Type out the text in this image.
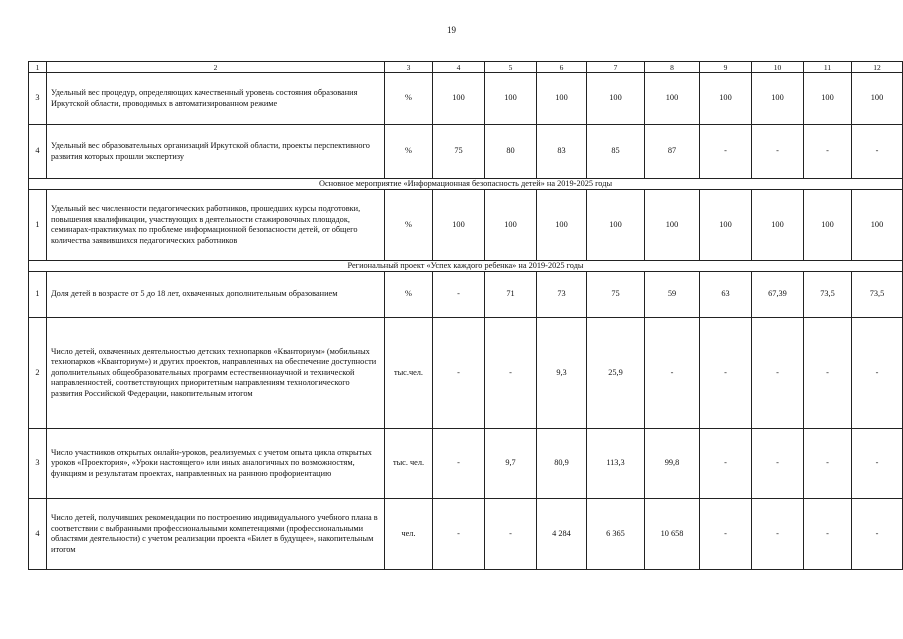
19
1	2	3	4	5	6	7	8	9	10	11	12
3	Удельный вес процедур, определяющих качественный уровень состояния образования Иркутской области, проводимых в автоматизированном режиме	%	100	100	100	100	100	100	100	100	100
4	Удельный вес образовательных организаций Иркутской области, проекты перспективного развития которых прошли экспертизу	%	75	80	83	85	87	-	-	-	-
Основное мероприятие «Информационная безопасность детей» на 2019-2025 годы											
1	Удельный вес численности педагогических работников, прошедших курсы подготовки, повышения квалификации, участвующих в деятельности стажировочных площадок, семинарах-практикумах по проблеме информационной безопасности детей, от общего количества заявившихся педагогических работников	%	100	100	100	100	100	100	100	100	100
Региональный проект «Успех каждого ребенка» на 2019-2025 годы											
1	Доля детей в возрасте от 5 до 18 лет, охваченных дополнительным образованием	%	-	71	73	75	59	63	67,39	73,5	73,5
2	Число детей, охваченных деятельностью детских технопарков «Кванториум» (мобильных технопарков «Кванториум») и других проектов, направленных на обеспечение доступности дополнительных общеобразовательных программ естественнонаучной и технической направленностей, соответствующих приоритетным направлениям технологического развития Российской Федерации, накопительным итогом	тыс.чел.	-	-	9,3	25,9	-	-	-	-	-
3	Число участников открытых онлайн-уроков, реализуемых с учетом опыта цикла открытых уроков «Проектория», «Уроки настоящего» или иных аналогичных по возможностям, функциям и результатам проектах, направленных на раннюю профориентацию	тыс. чел.	-	9,7	80,9	113,3	99,8	-	-	-	-
4	Число детей, получивших рекомендации по построению индивидуального учебного плана в соответствии с выбранными профессиональными компетенциями (профессиональными областями деятельности) с учетом реализации проекта «Билет в будущее», накопительным итогом	чел.	-	-	4 284	6 365	10 658	-	-	-	-
